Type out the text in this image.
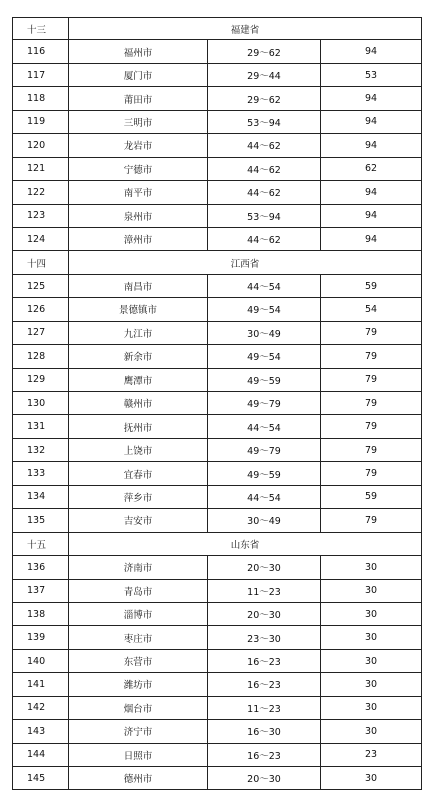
十三	福建省
116	福州市	29～62	94
117	厦门市	29～44	53
118	莆田市	29～62	94
119	三明市	53～94	94
120	龙岩市	44～62	94
121	宁德市	44～62	62
122	南平市	44～62	94
123	泉州市	53～94	94
124	漳州市	44～62	94
十四	江西省
125	南昌市	44～54	59
126	景德镇市	49～54	54
127	九江市	30～49	79
128	新余市	49～54	79
129	鹰潭市	49～59	79
130	赣州市	49～79	79
131	抚州市	44～54	79
132	上饶市	49～79	79
133	宜春市	49～59	79
134	萍乡市	44～54	59
135	吉安市	30～49	79
十五	山东省
136	济南市	20～30	30
137	青岛市	11～23	30
138	淄博市	20～30	30
139	枣庄市	23～30	30
140	东营市	16～23	30
141	潍坊市	16～23	30
142	烟台市	11～23	30
143	济宁市	16～30	30
144	日照市	16～23	23
145	德州市	20～30	30
